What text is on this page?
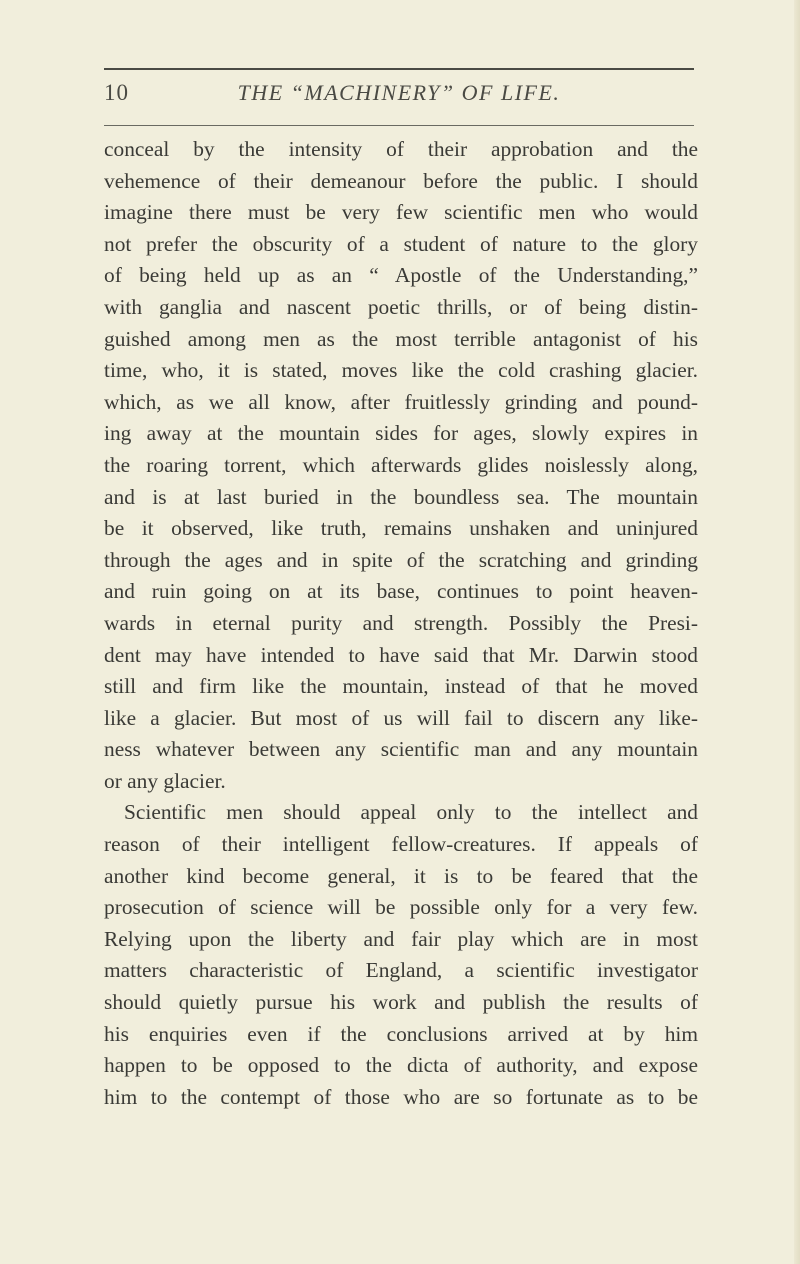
10	THE “MACHINERY” OF LIFE.
conceal by the intensity of their approbation and the
vehemence of their demeanour before the public. I should
imagine there must be very few scientific men who would
not prefer the obscurity of a student of nature to the glory
of being held up as an “ Apostle of the Understanding,”
with ganglia and nascent poetic thrills, or of being distin-
guished among men as the most terrible antagonist of his
time, who, it is stated, moves like the cold crashing glacier.
which, as we all know, after fruitlessly grinding and pound-
ing away at the mountain sides for ages, slowly expires in
the roaring torrent, which afterwards glides noislessly along,
and is at last buried in the boundless sea. The mountain
be it observed, like truth, remains unshaken and uninjured
through the ages and in spite of the scratching and grinding
and ruin going on at its base, continues to point heaven-
wards in eternal purity and strength. Possibly the Presi-
dent may have intended to have said that Mr. Darwin stood
still and firm like the mountain, instead of that he moved
like a glacier. But most of us will fail to discern any like-
ness whatever between any scientific man and any mountain
or any glacier.
Scientific men should appeal only to the intellect and
reason of their intelligent fellow-creatures. If appeals of
another kind become general, it is to be feared that the
prosecution of science will be possible only for a very few.
Relying upon the liberty and fair play which are in most
matters characteristic of England, a scientific investigator
should quietly pursue his work and publish the results of
his enquiries even if the conclusions arrived at by him
happen to be opposed to the dicta of authority, and expose
him to the contempt of those who are so fortunate as to be
